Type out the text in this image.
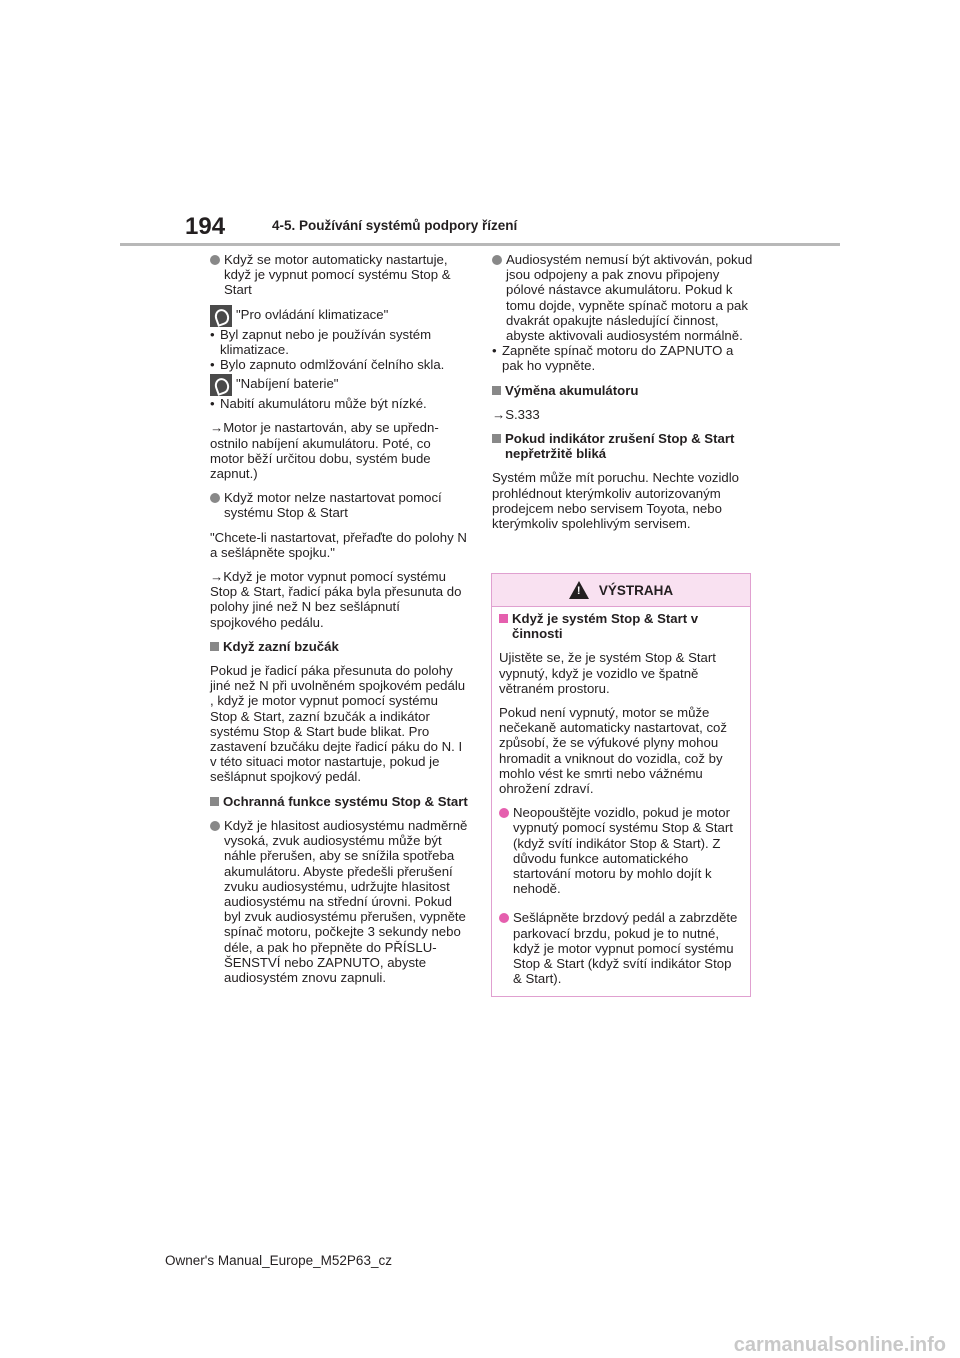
194	4-5. Používání systémů podpory řízení

Když se motor automaticky nastartuje, když je vypnut pomocí systému Stop & Start

"Pro ovládání klimatizace"

• Byl zapnut nebo je používán systém klimatizace.

• Bylo zapnuto odmlžování čelního skla.

"Nabíjení baterie"

• Nabití akumulátoru může být nízké.

→Motor je nastartován, aby se upřednostnilo nabíjení akumulátoru. Poté, co motor běží určitou dobu, systém bude zapnut.)

Když motor nelze nastartovat pomocí systému Stop & Start

"Chcete-li nastartovat, přeřaďte do polohy N a sešlápněte spojku."

→Když je motor vypnut pomocí systému Stop & Start, řadicí páka byla přesunuta do polohy jiné než N bez sešlápnutí spojkového pedálu.

Když zazní bzučák

Pokud je řadicí páka přesunuta do polohy jiné než N při uvolněném spojkovém pedálu , když je motor vypnut pomocí systému Stop & Start, zazní bzučák a indikátor systému Stop & Start bude blikat. Pro zastavení bzučáku dejte řadicí páku do N. I v této situaci motor nastartuje, pokud je sešlápnut spojkový pedál.

Ochranná funkce systému Stop & Start

Když je hlasitost audiosystému nadměrně vysoká, zvuk audiosystému může být náhle přerušen, aby se snížila spotřeba akumulátoru. Abyste předešli přerušení zvuku audiosystému, udržujte hlasitost audiosystému na střední úrovni. Pokud byl zvuk audiosystému přerušen, vypněte spínač motoru, počkejte 3 sekundy nebo déle, a pak ho přepněte do PŘÍSLUŠENSTVÍ nebo ZAPNUTO, abyste audiosystém znovu zapnuli.

Audiosystém nemusí být aktivován, pokud jsou odpojeny a pak znovu připojeny pólové nástavce akumulátoru. Pokud k tomu dojde, vypněte spínač motoru a pak dvakrát opakujte následující činnost, abyste aktivovali audiosystém normálně.

• Zapněte spínač motoru do ZAPNUTO a pak ho vypněte.

Výměna akumulátoru

→S.333

Pokud indikátor zrušení Stop & Start nepřetržitě bliká

Systém může mít poruchu. Nechte vozidlo prohlédnout kterýmkoliv autorizovaným prodejcem nebo servisem Toyota, nebo kterýmkoliv spolehlivým servisem.

!
VÝSTRAHA

Když je systém Stop & Start v činnosti

Ujistěte se, že je systém Stop & Start vypnutý, když je vozidlo ve špatně větraném prostoru.

Pokud není vypnutý, motor se může nečekaně automaticky nastartovat, což způsobí, že se výfukové plyny mohou hromadit a vniknout do vozidla, což by mohlo vést ke smrti nebo vážnému ohrožení zdraví.

Neopouštějte vozidlo, pokud je motor vypnutý pomocí systému Stop & Start (když svítí indikátor Stop & Start). Z důvodu funkce automatického startování motoru by mohlo dojít k nehodě.

Sešlápněte brzdový pedál a zabrzděte parkovací brzdu, pokud je to nutné, když je motor vypnut pomocí systému Stop & Start (když svítí indikátor Stop & Start).

Owner's Manual_Europe_M52P63_cz
carmanualsonline.info
